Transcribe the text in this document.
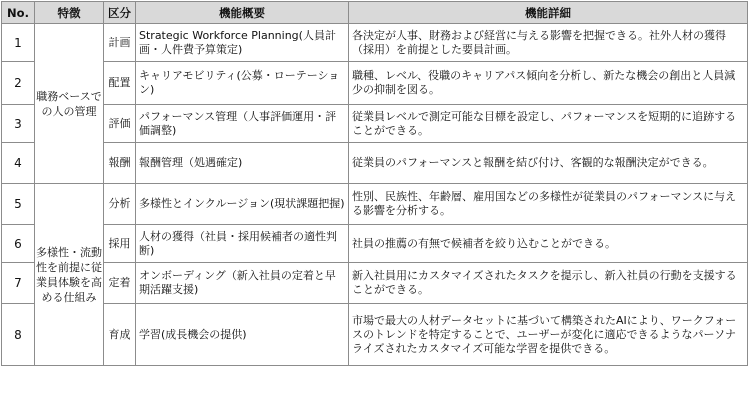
No.	特徴	区分	機能概要	機能詳細
1	職務ベースでの人の管理	計画	Strategic Workforce Planning(人員計画・人件費予算策定)	各決定が人事、財務および経営に与える影響を把握できる。社外人材の獲得（採用）を前提とした要員計画。
2		配置	キャリアモビリティ(公募・ローテーション)	職種、レベル、役職のキャリアパス傾向を分析し、新たな機会の創出と人員減少の抑制を図る。
3		評価	パフォーマンス管理（人事評価運用・評価調整)	従業員レベルで測定可能な目標を設定し、パフォーマンスを短期的に追跡することができる。
4		報酬	報酬管理（処遇確定)	従業員のパフォーマンスと報酬を結び付け、客観的な報酬決定ができる。
5	多様性・流動性を前提に従業員体験を高める仕組み	分析	多様性とインクルージョン(現状課題把握)	性別、民族性、年齢層、雇用国などの多様性が従業員のパフォーマンスに与える影響を分析する。
6		採用	人材の獲得（社員・採用候補者の適性判断)	社員の推薦の有無で候補者を絞り込むことができる。
7		定着	オンボーディング（新入社員の定着と早期活躍支援)	新入社員用にカスタマイズされたタスクを提示し、新入社員の行動を支援することができる。
8		育成	学習(成長機会の提供)	市場で最大の人材データセットに基づいて構築されたAIにより、ワークフォースのトレンドを特定することで、ユーザーが変化に適応できるようなパーソナライズされたカスタマイズ可能な学習を提供できる。
